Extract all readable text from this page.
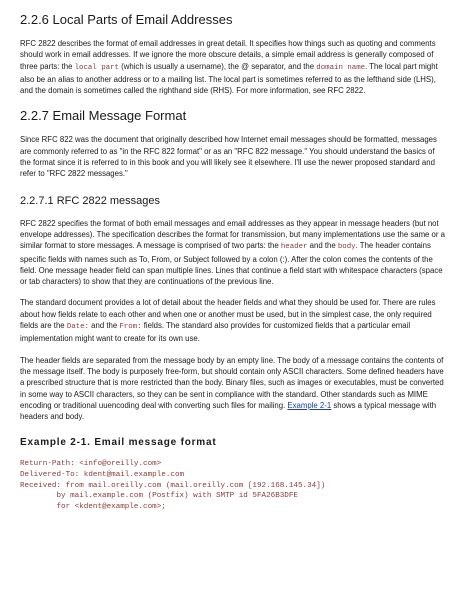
2.2.6 Local Parts of Email Addresses

RFC 2822 describes the format of email addresses in great detail. It specifies how things such as quoting and comments should work in email addresses. If we ignore the more obscure details, a simple email address is generally composed of three parts: the local part (which is usually a username), the @ separator, and the domain name. The local part might also be an alias to another address or to a mailing list. The local part is sometimes referred to as the lefthand side (LHS), and the domain is sometimes called the righthand side (RHS). For more information, see RFC 2822.

2.2.7 Email Message Format

Since RFC 822 was the document that originally described how Internet email messages should be formatted, messages are commonly referred to as "in the RFC 822 format" or as an "RFC 822 message." You should understand the basics of the format since it is referred to in this book and you will likely see it elsewhere. I'll use the newer proposed standard and refer to "RFC 2822 messages."

2.2.7.1 RFC 2822 messages

RFC 2822 specifies the format of both email messages and email addresses as they appear in message headers (but not envelope addresses). The specification describes the format for transmission, but many implementations use the same or a similar format to store messages. A message is comprised of two parts: the header and the body. The header contains specific fields with names such as To, From, or Subject followed by a colon (:). After the colon comes the contents of the field. One message header field can span multiple lines. Lines that continue a field start with whitespace characters (space or tab characters) to show that they are continuations of the previous line.

The standard document provides a lot of detail about the header fields and what they should be used for. There are rules about how fields relate to each other and when one or another must be used, but in the simplest case, the only required fields are the Date: and the From: fields. The standard also provides for customized fields that a particular email implementation might want to create for its own use.

The header fields are separated from the message body by an empty line. The body of a message contains the contents of the message itself. The body is purposely free-form, but should contain only ASCII characters. Some defined headers have a prescribed structure that is more restricted than the body. Binary files, such as images or executables, must be converted in some way to ASCII characters, so they can be sent in compliance with the standard. Other standards such as MIME encoding or traditional uuencoding deal with converting such files for mailing. Example 2-1 shows a typical message with headers and body.

Example 2-1. Email message format
Return-Path: <info@oreilly.com>
Delivered-To: kdent@mail.example.com
Received: from mail.oreilly.com (mail.oreilly.com [192.168.145.34])
by mail.example.com (Postfix) with SMTP id 5FA26B3DFE
for <kdent@example.com>;
